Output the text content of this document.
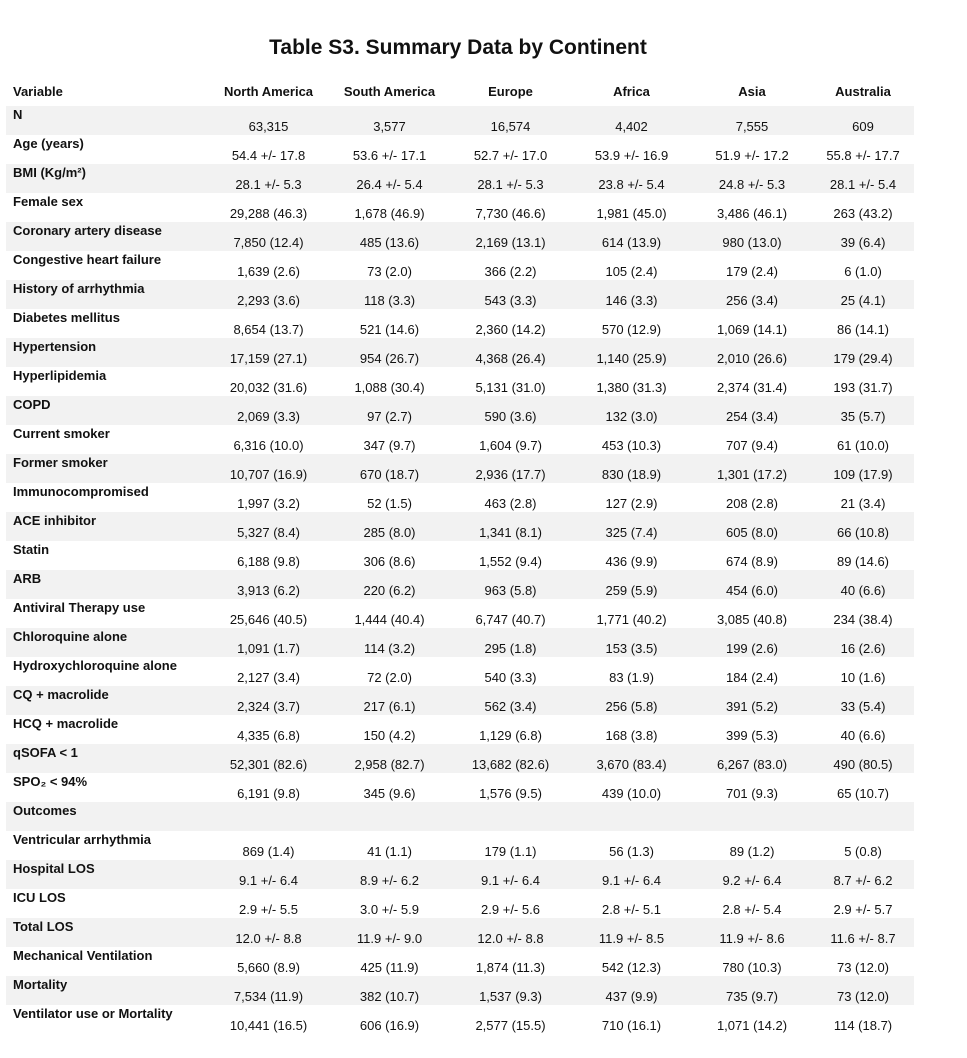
Table S3. Summary Data by Continent
Variable	North America	South America	Europe	Africa	Asia	Australia
N	63,315	3,577	16,574	4,402	7,555	609
Age (years)	54.4 +/- 17.8	53.6 +/- 17.1	52.7 +/- 17.0	53.9 +/- 16.9	51.9 +/- 17.2	55.8 +/- 17.7
BMI (Kg/m²)	28.1 +/- 5.3	26.4 +/- 5.4	28.1 +/- 5.3	23.8 +/- 5.4	24.8 +/- 5.3	28.1 +/- 5.4
Female sex	29,288 (46.3)	1,678 (46.9)	7,730 (46.6)	1,981 (45.0)	3,486 (46.1)	263 (43.2)
Coronary artery disease	7,850 (12.4)	485 (13.6)	2,169 (13.1)	614 (13.9)	980 (13.0)	39 (6.4)
Congestive heart failure	1,639 (2.6)	73 (2.0)	366 (2.2)	105 (2.4)	179 (2.4)	6 (1.0)
History of arrhythmia	2,293 (3.6)	118 (3.3)	543 (3.3)	146 (3.3)	256 (3.4)	25 (4.1)
Diabetes mellitus	8,654 (13.7)	521 (14.6)	2,360 (14.2)	570 (12.9)	1,069 (14.1)	86 (14.1)
Hypertension	17,159 (27.1)	954 (26.7)	4,368 (26.4)	1,140 (25.9)	2,010 (26.6)	179 (29.4)
Hyperlipidemia	20,032 (31.6)	1,088 (30.4)	5,131 (31.0)	1,380 (31.3)	2,374 (31.4)	193 (31.7)
COPD	2,069 (3.3)	97 (2.7)	590 (3.6)	132 (3.0)	254 (3.4)	35 (5.7)
Current smoker	6,316 (10.0)	347 (9.7)	1,604 (9.7)	453 (10.3)	707 (9.4)	61 (10.0)
Former smoker	10,707 (16.9)	670 (18.7)	2,936 (17.7)	830 (18.9)	1,301 (17.2)	109 (17.9)
Immunocompromised	1,997 (3.2)	52 (1.5)	463 (2.8)	127 (2.9)	208 (2.8)	21 (3.4)
ACE inhibitor	5,327 (8.4)	285 (8.0)	1,341 (8.1)	325 (7.4)	605 (8.0)	66 (10.8)
Statin	6,188 (9.8)	306 (8.6)	1,552 (9.4)	436 (9.9)	674 (8.9)	89 (14.6)
ARB	3,913 (6.2)	220 (6.2)	963 (5.8)	259 (5.9)	454 (6.0)	40 (6.6)
Antiviral Therapy use	25,646 (40.5)	1,444 (40.4)	6,747 (40.7)	1,771 (40.2)	3,085 (40.8)	234 (38.4)
Chloroquine alone	1,091 (1.7)	114 (3.2)	295 (1.8)	153 (3.5)	199 (2.6)	16 (2.6)
Hydroxychloroquine alone	2,127 (3.4)	72 (2.0)	540 (3.3)	83 (1.9)	184 (2.4)	10 (1.6)
CQ + macrolide	2,324 (3.7)	217 (6.1)	562 (3.4)	256 (5.8)	391 (5.2)	33 (5.4)
HCQ + macrolide	4,335 (6.8)	150 (4.2)	1,129 (6.8)	168 (3.8)	399 (5.3)	40 (6.6)
qSOFA < 1	52,301 (82.6)	2,958 (82.7)	13,682 (82.6)	3,670 (83.4)	6,267 (83.0)	490 (80.5)
SPO₂ < 94%	6,191 (9.8)	345 (9.6)	1,576 (9.5)	439 (10.0)	701 (9.3)	65 (10.7)
Outcomes						
Ventricular arrhythmia	869 (1.4)	41 (1.1)	179 (1.1)	56 (1.3)	89 (1.2)	5 (0.8)
Hospital LOS	9.1 +/- 6.4	8.9 +/- 6.2	9.1 +/- 6.4	9.1 +/- 6.4	9.2 +/- 6.4	8.7 +/- 6.2
ICU LOS	2.9 +/- 5.5	3.0 +/- 5.9	2.9 +/- 5.6	2.8 +/- 5.1	2.8 +/- 5.4	2.9 +/- 5.7
Total LOS	12.0 +/- 8.8	11.9 +/- 9.0	12.0 +/- 8.8	11.9 +/- 8.5	11.9 +/- 8.6	11.6 +/- 8.7
Mechanical Ventilation	5,660 (8.9)	425 (11.9)	1,874 (11.3)	542 (12.3)	780 (10.3)	73 (12.0)
Mortality	7,534 (11.9)	382 (10.7)	1,537 (9.3)	437 (9.9)	735 (9.7)	73 (12.0)
Ventilator use or Mortality	10,441 (16.5)	606 (16.9)	2,577 (15.5)	710 (16.1)	1,071 (14.2)	114 (18.7)
